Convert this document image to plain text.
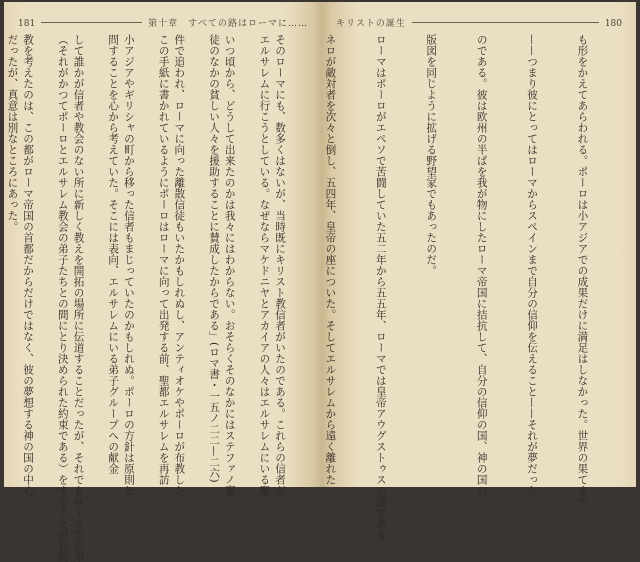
181	第十章　すべての路はローマに……

エルサレムに行こうとしている。なぜならマケドニヤとアカイアの人々はエルサレムにいる聖

徒のなかの貧しい人々を援助することに賛成したからである」(ロマ書・一五ノ二二—二六)

この手紙に書かれているようにポーロはローマに向って出発する前、聖都エルサレムを再訪

問することを心から考えていた。そこには表向、エルサレムにいる弟子グループへの献金

（それがかつてポーロとエルサレム教会の弟子たちとの間にとり決められた約束である）をすることが目的

だったが、真意は別なところにあった。

キリストの誕生	180

も形をかえてあらわれる。ポーロは小アジアでの成果だけに満足はしなかった。世界の果てまで

——つまり彼にとってはローマからスペインまで自分の信仰を伝えること——それが夢だった

のである。彼は欧州の半ばを我が物にしたローマ帝国に拮抗して、自分の信仰の国、神の国の

版図を同じように拡げる野望家でもあったのだ。

ローマはポーロがエペソで苦闘していた五二年から五五年、ローマでは皇帝アウグストゥスの孫である

ネロが敵対者を次々と倒し、五四年、皇帝の座についた。そしてエルサレムから遠く離れた

そのローマにも、数多くはないが、当時既にキリスト教信者がいたのである。これらの信者が

いつ頃から、どうして出来たのかは我々にはわからない。おそらくそのなかにはステファノ事

件で追われ、ローマに向った離散信徒もいたかもしれぬし、アンティオケやポーロが布教した

小アジアやギリシャの町から移った信者もまじっていたのかもしれぬ。ポーロの方針は原則と

して誰かが信者や教会のない所に新しく教えを開拓の場所に伝道することだったが、それでもローマでの布

教を考えたのは、この都がローマ帝国の首都だからだけではなく、彼の夢想する神の国の中心
